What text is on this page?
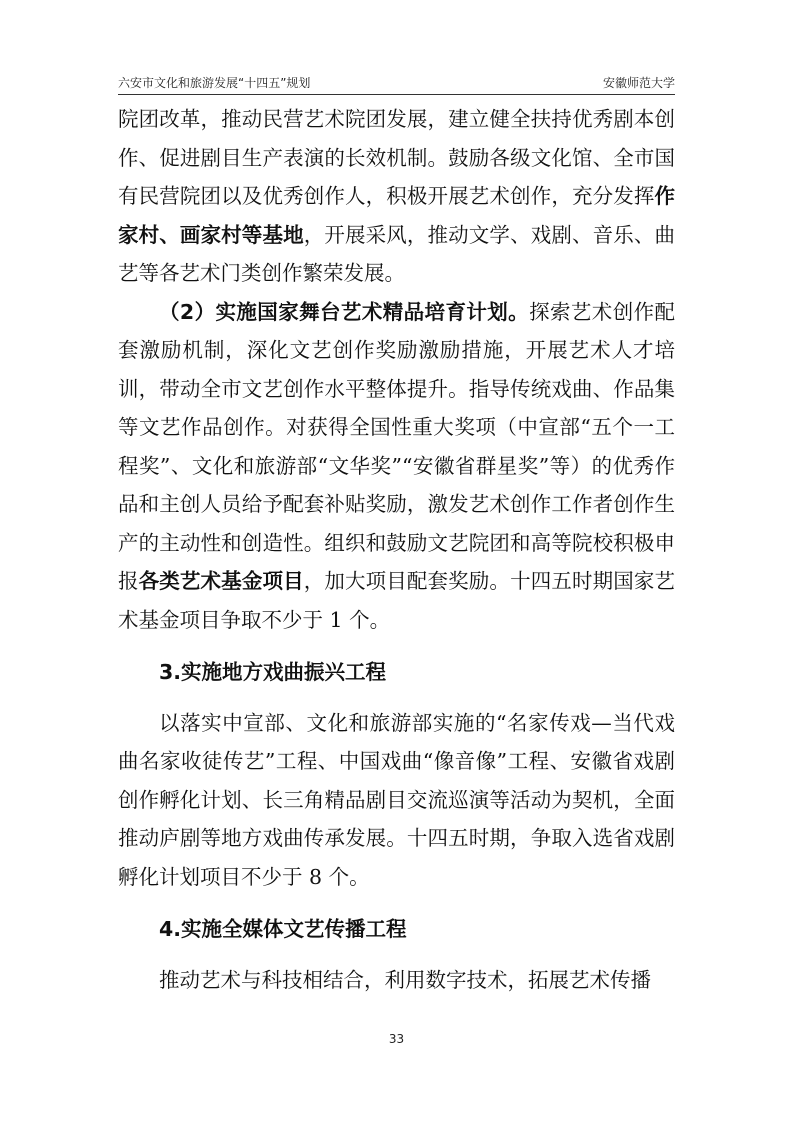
六安市文化和旅游发展“十四五”规划	安徽师范大学

院团改革，推动民营艺术院团发展，建立健全扶持优秀剧本创作、促进剧目生产表演的长效机制。鼓励各级文化馆、全市国有民营院团以及优秀创作人，积极开展艺术创作，充分发挥作家村、画家村等基地，开展采风，推动文学、戏剧、音乐、曲艺等各艺术门类创作繁荣发展。

（2）实施国家舞台艺术精品培育计划。探索艺术创作配套激励机制，深化文艺创作奖励激励措施，开展艺术人才培训，带动全市文艺创作水平整体提升。指导传统戏曲、作品集等文艺作品创作。对获得全国性重大奖项（中宣部“五个一工程奖”、文化和旅游部“文华奖”“安徽省群星奖”等）的优秀作品和主创人员给予配套补贴奖励，激发艺术创作工作者创作生产的主动性和创造性。组织和鼓励文艺院团和高等院校积极申报各类艺术基金项目，加大项目配套奖励。十四五时期国家艺术基金项目争取不少于 1 个。

3.实施地方戏曲振兴工程

以落实中宣部、文化和旅游部实施的“名家传戏—当代戏曲名家收徒传艺”工程、中国戏曲“像音像”工程、安徽省戏剧创作孵化计划、长三角精品剧目交流巡演等活动为契机，全面推动庐剧等地方戏曲传承发展。十四五时期，争取入选省戏剧孵化计划项目不少于 8 个。

4.实施全媒体文艺传播工程

推动艺术与科技相结合，利用数字技术，拓展艺术传播

33
